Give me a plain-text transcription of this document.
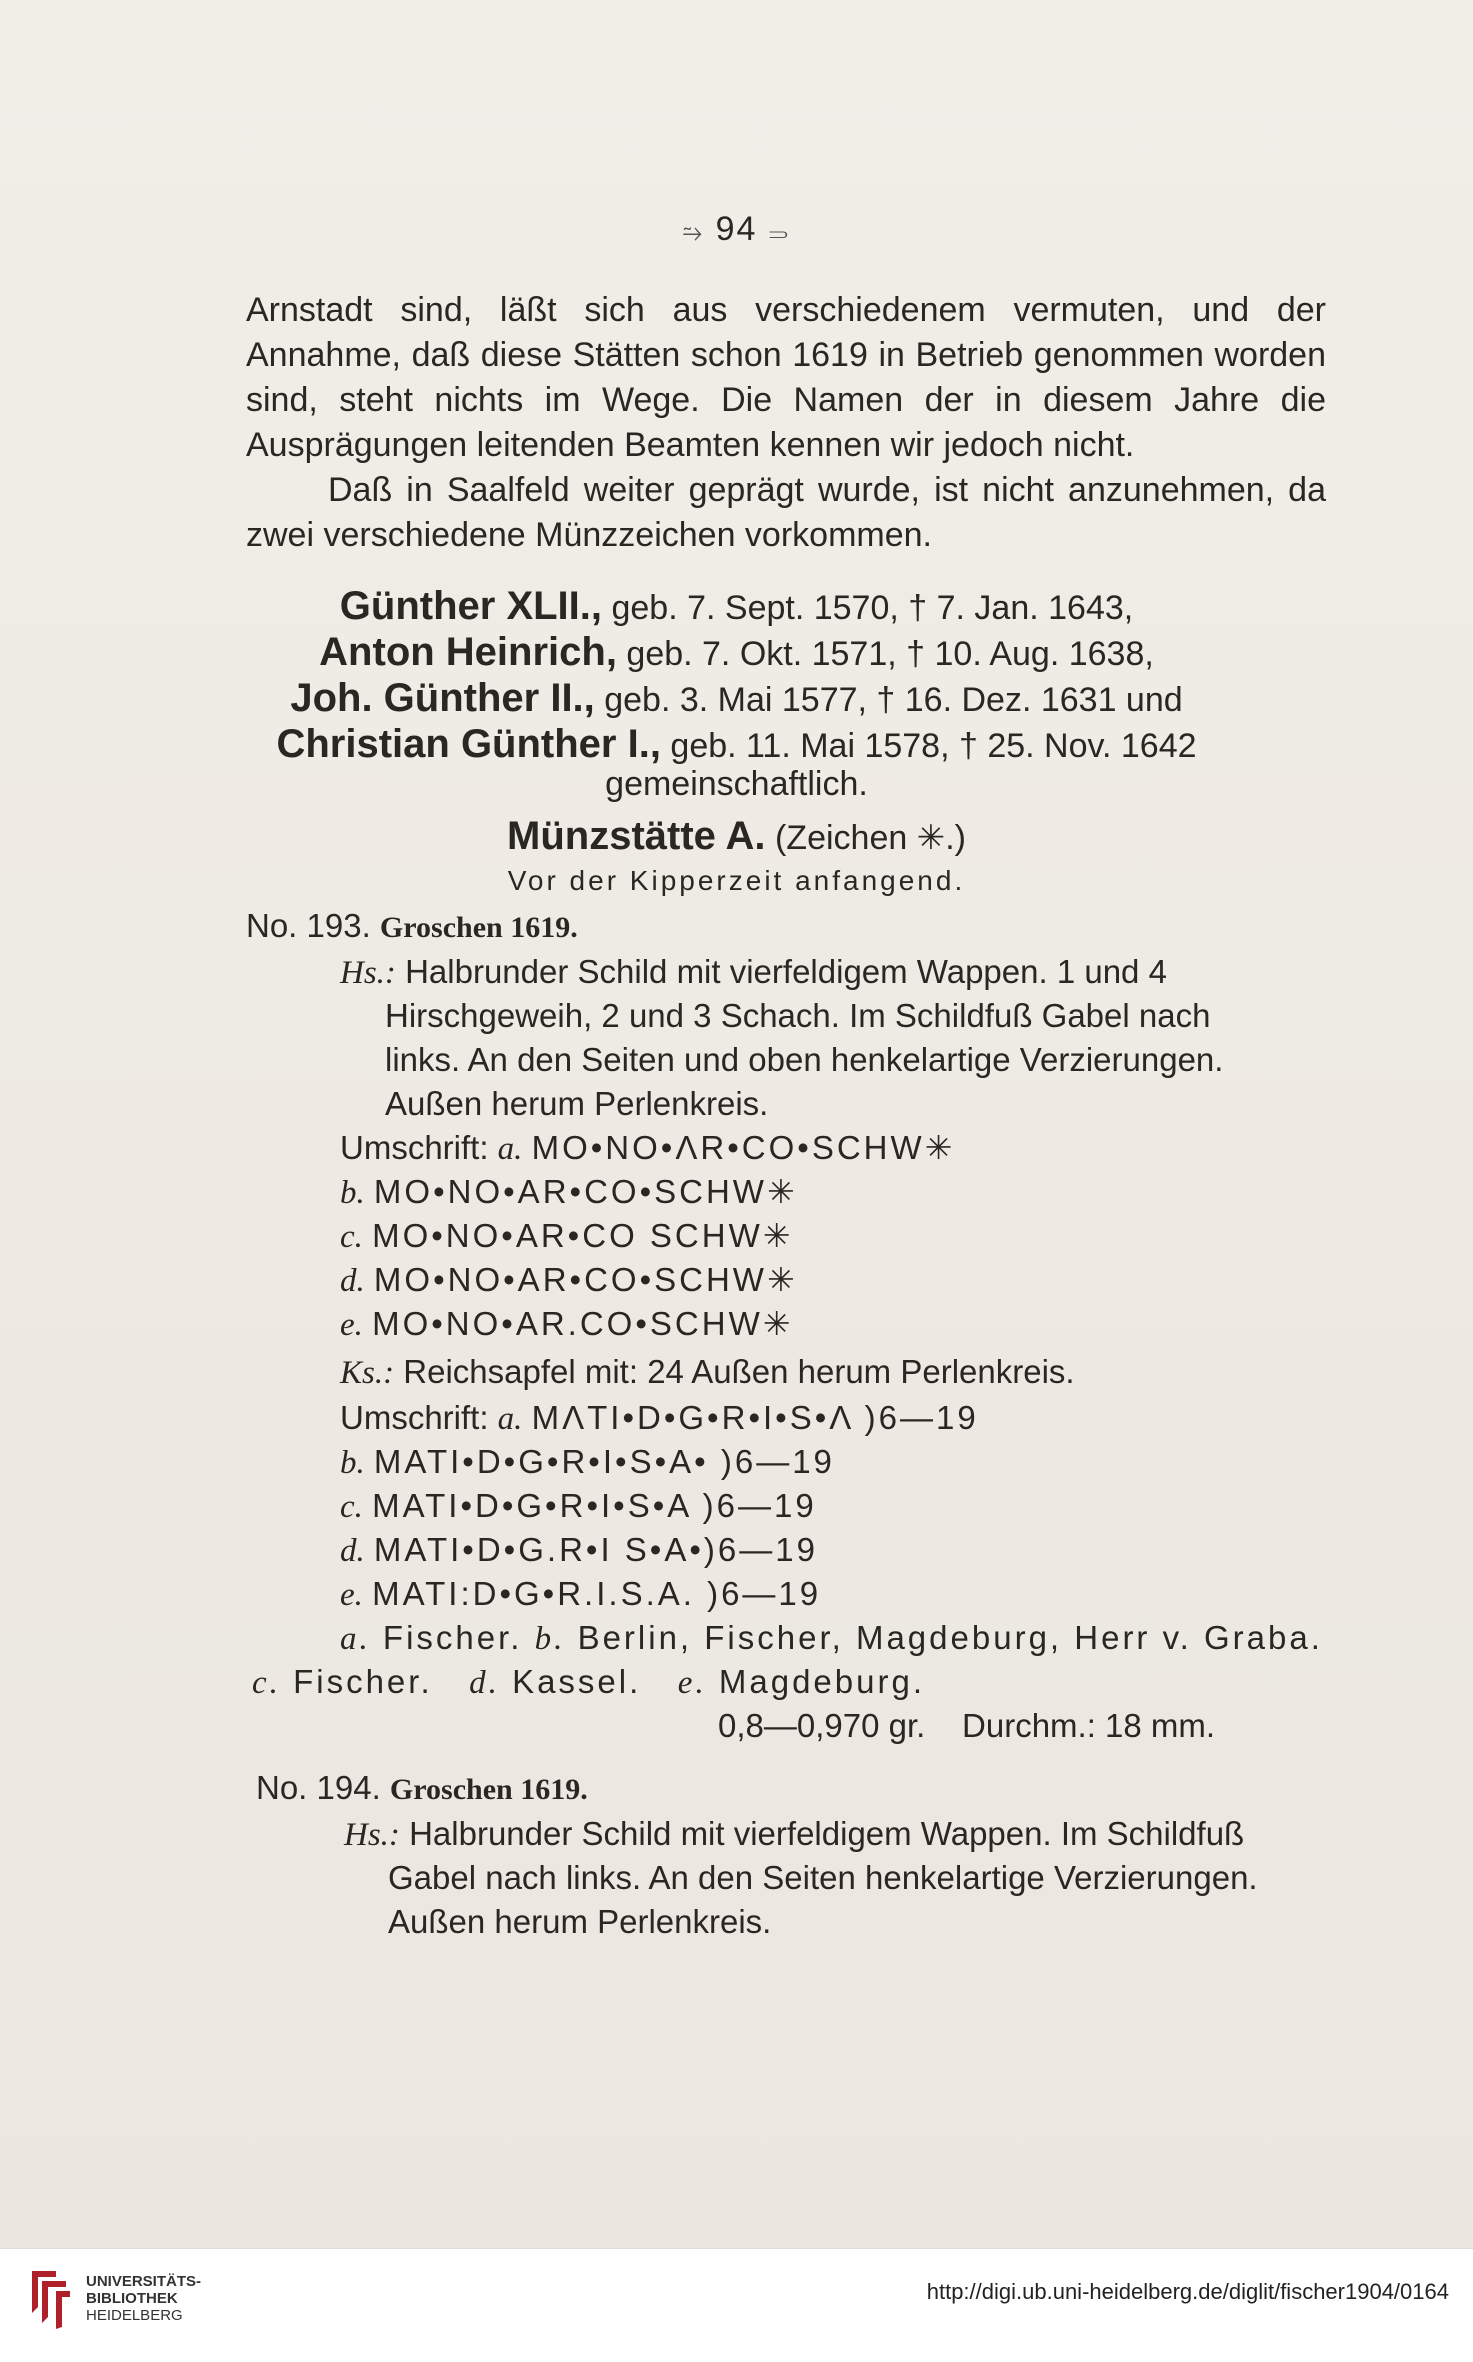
⥲ 94 ⥰
Arnstadt sind, läßt sich aus verschiedenem vermuten, und der Annahme, daß diese Stätten schon 1619 in Betrieb genommen worden sind, steht nichts im Wege. Die Namen der in diesem Jahre die Ausprägungen leitenden Beamten kennen wir jedoch nicht.
Daß in Saalfeld weiter geprägt wurde, ist nicht anzunehmen, da zwei verschiedene Münzzeichen vorkommen.
Günther XLII., geb. 7. Sept. 1570, † 7. Jan. 1643,
Anton Heinrich, geb. 7. Okt. 1571, † 10. Aug. 1638,
Joh. Günther II., geb. 3. Mai 1577, † 16. Dez. 1631 und
Christian Günther I., geb. 11. Mai 1578, † 25. Nov. 1642
gemeinschaftlich.
Münzstätte A. (Zeichen ✳.)
Vor der Kipperzeit anfangend.
No. 193. Groschen 1619.
Hs.: Halbrunder Schild mit vierfeldigem Wappen. 1 und 4
Hirschgeweih, 2 und 3 Schach. Im Schildfuß Gabel nach
links. An den Seiten und oben henkelartige Verzierungen.
Außen herum Perlenkreis.
Umschrift: a. MO•NO•ΛR•CO•SCHW✳
b. MO•NO•AR•CO•SCHW✳
c. MO•NO•AR•CO SCHW✳
d. MO•NO•AR•CO•SCHW✳
e. MO•NO•AR.CO•SCHW✳
Ks.: Reichsapfel mit: 24 Außen herum Perlenkreis.
Umschrift: a. MΛTI•D•G•R•I•S•Λ )6—19
b. MATI•D•G•R•I•S•A• )6—19
c. MATI•D•G•R•I•S•A )6—19
d. MATI•D•G.R•I S•A•)6—19
e. MATI:D•G•R.I.S.A. )6—19
a. Fischer. b. Berlin, Fischer, Magdeburg, Herr v. Graba.
c. Fischer. d. Kassel. e. Magdeburg.
0,8—0,970 gr. Durchm.: 18 mm.
No. 194. Groschen 1619.
Hs.: Halbrunder Schild mit vierfeldigem Wappen. Im Schildfuß
Gabel nach links. An den Seiten henkelartige Verzierungen.
Außen herum Perlenkreis.
UNIVERSITÄTS-
BIBLIOTHEK
HEIDELBERG
http://digi.ub.uni-heidelberg.de/diglit/fischer1904/0164
